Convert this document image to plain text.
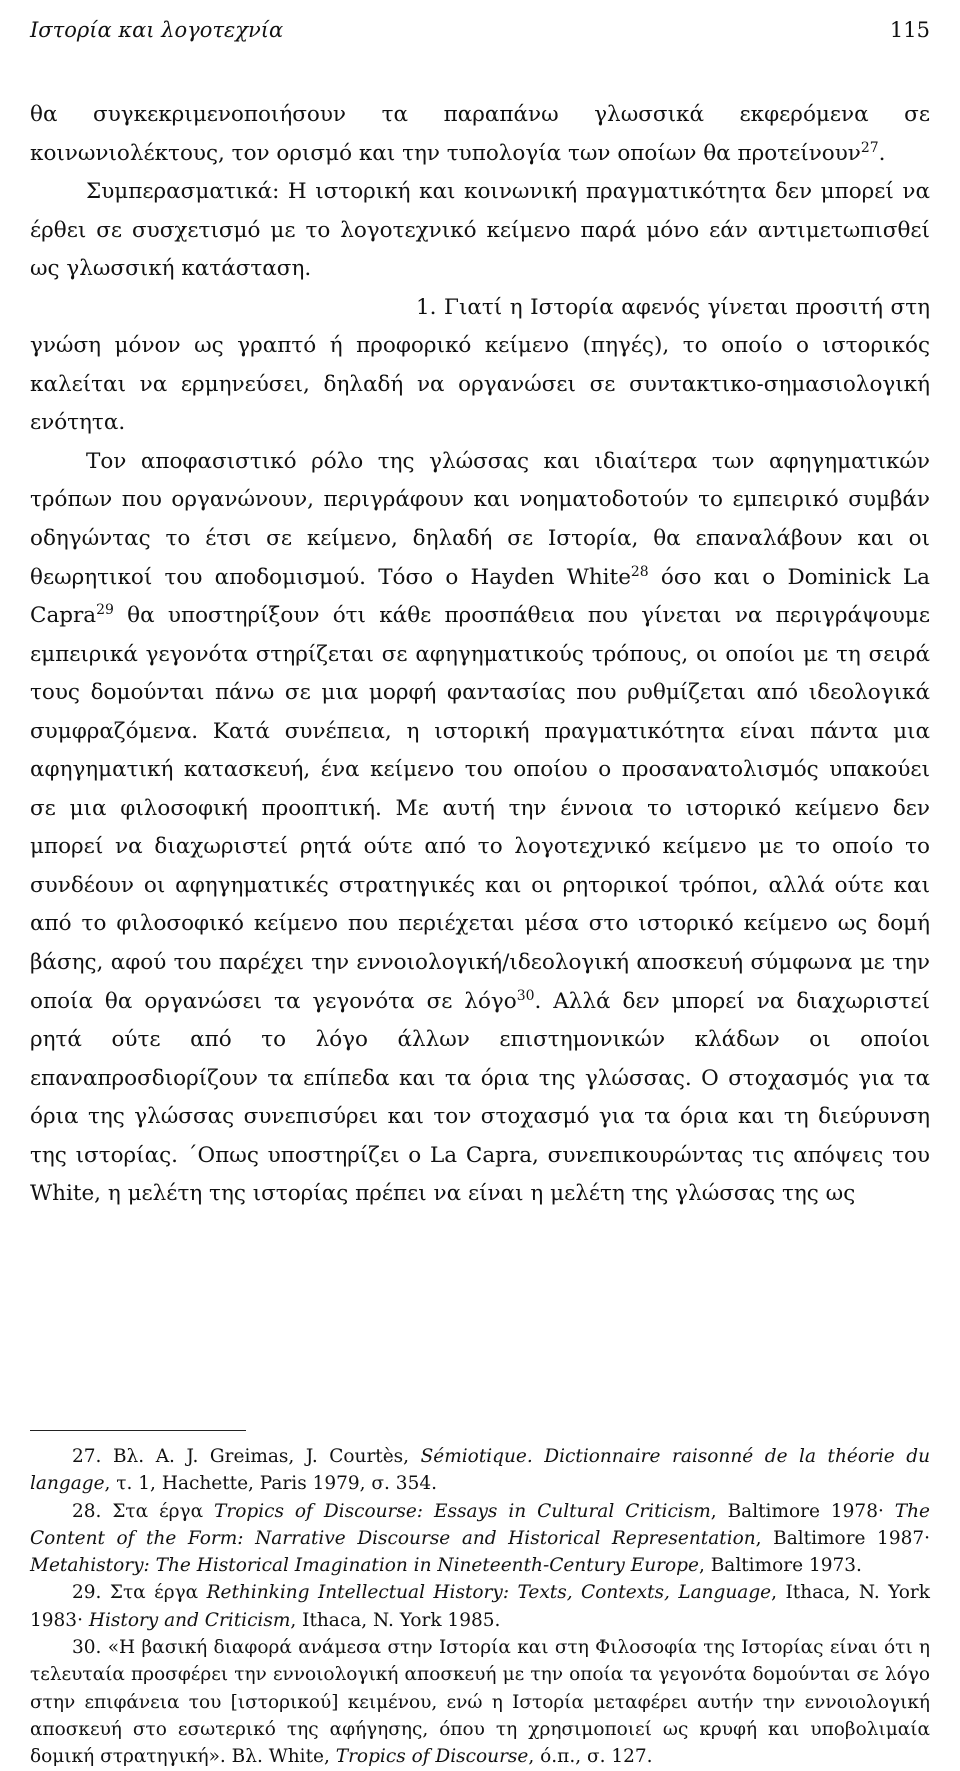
Ιστορία και λογοτεχνία	115

θα συγκεκριμενοποιήσουν τα παραπάνω γλωσσικά εκφερόμενα σε κοινωνιολέκτους, τον ορισμό και την τυπολογία των οποίων θα προτείνουν$^{27}$.

Συμπερασματικά: Η ιστορική και κοινωνική πραγματικότητα δεν μπορεί να έρθει σε συσχετισμό με το λογοτεχνικό κείμενο παρά μόνο εάν αντιμετωπισθεί ως γλωσσική κατάσταση.

1. Γιατί η Ιστορία αφενός γίνεται προσιτή στη γνώση μόνον ως γραπτό ή προφορικό κείμενο (πηγές), το οποίο ο ιστορικός καλείται να ερμηνεύσει, δηλαδή να οργανώσει σε συντακτικο-σημασιολογική ενότητα.

Τον αποφασιστικό ρόλο της γλώσσας και ιδιαίτερα των αφηγηματικών τρόπων που οργανώνουν, περιγράφουν και νοηματοδοτούν το εμπειρικό συμβάν οδηγώντας το έτσι σε κείμενο, δηλαδή σε Ιστορία, θα επαναλάβουν και οι θεωρητικοί του αποδομισμού. Τόσο ο Hayden White$^{28}$ όσο και ο Dominick La Capra$^{29}$ θα υποστηρίξουν ότι κάθε προσπάθεια που γίνεται να περιγράψουμε εμπειρικά γεγονότα στηρίζεται σε αφηγηματικούς τρόπους, οι οποίοι με τη σειρά τους δομούνται πάνω σε μια μορφή φαντασίας που ρυθμίζεται από ιδεολογικά συμφραζόμενα. Κατά συνέπεια, η ιστορική πραγματικότητα είναι πάντα μια αφηγηματική κατασκευή, ένα κείμενο του οποίου ο προσανατολισμός υπακούει σε μια φιλοσοφική προοπτική. Με αυτή την έννοια το ιστορικό κείμενο δεν μπορεί να διαχωριστεί ρητά ούτε από το λογοτεχνικό κείμενο με το οποίο το συνδέουν οι αφηγηματικές στρατηγικές και οι ρητορικοί τρόποι, αλλά ούτε και από το φιλοσοφικό κείμενο που περιέχεται μέσα στο ιστορικό κείμενο ως δομή βάσης, αφού του παρέχει την εννοιολογική/ιδεολογική αποσκευή σύμφωνα με την οποία θα οργανώσει τα γεγονότα σε λόγο$^{30}$. Αλλά δεν μπορεί να διαχωριστεί ρητά ούτε από το λόγο άλλων επιστημονικών κλάδων οι οποίοι επαναπροσδιορίζουν τα επίπεδα και τα όρια της γλώσσας. Ο στοχασμός για τα όρια της γλώσσας συνεπισύρει και τον στοχασμό για τα όρια και τη διεύρυνση της ιστορίας. ΄Οπως υποστηρίζει ο La Capra, συνεπικουρώντας τις απόψεις του White, η μελέτη της ιστορίας πρέπει να είναι η μελέτη της γλώσσας της ως

27. Βλ. A. J. Greimas, J. Courtès, Sémiotique. Dictionnaire raisonné de la théorie du langage, τ. 1, Hachette, Paris 1979, σ. 354.

28. Στα έργα Tropics of Discourse: Essays in Cultural Criticism, Baltimore 1978· The Content of the Form: Narrative Discourse and Historical Representation, Baltimore 1987· Metahistory: The Historical Imagination in Nineteenth-Century Europe, Baltimore 1973.

29. Στα έργα Rethinking Intellectual History: Texts, Contexts, Language, Ithaca, N. York 1983· History and Criticism, Ithaca, N. York 1985.

30. «Η βασική διαφορά ανάμεσα στην Ιστορία και στη Φιλοσοφία της Ιστορίας είναι ότι η τελευταία προσφέρει την εννοιολογική αποσκευή με την οποία τα γεγονότα δομούνται σε λόγο στην επιφάνεια του [ιστορικού] κειμένου, ενώ η Ιστορία μεταφέρει αυτήν την εννοιολογική αποσκευή στο εσωτερικό της αφήγησης, όπου τη χρησιμοποιεί ως κρυφή και υποβολιμαία δομική στρατηγική». Βλ. White, Tropics of Discourse, ό.π., σ. 127.
